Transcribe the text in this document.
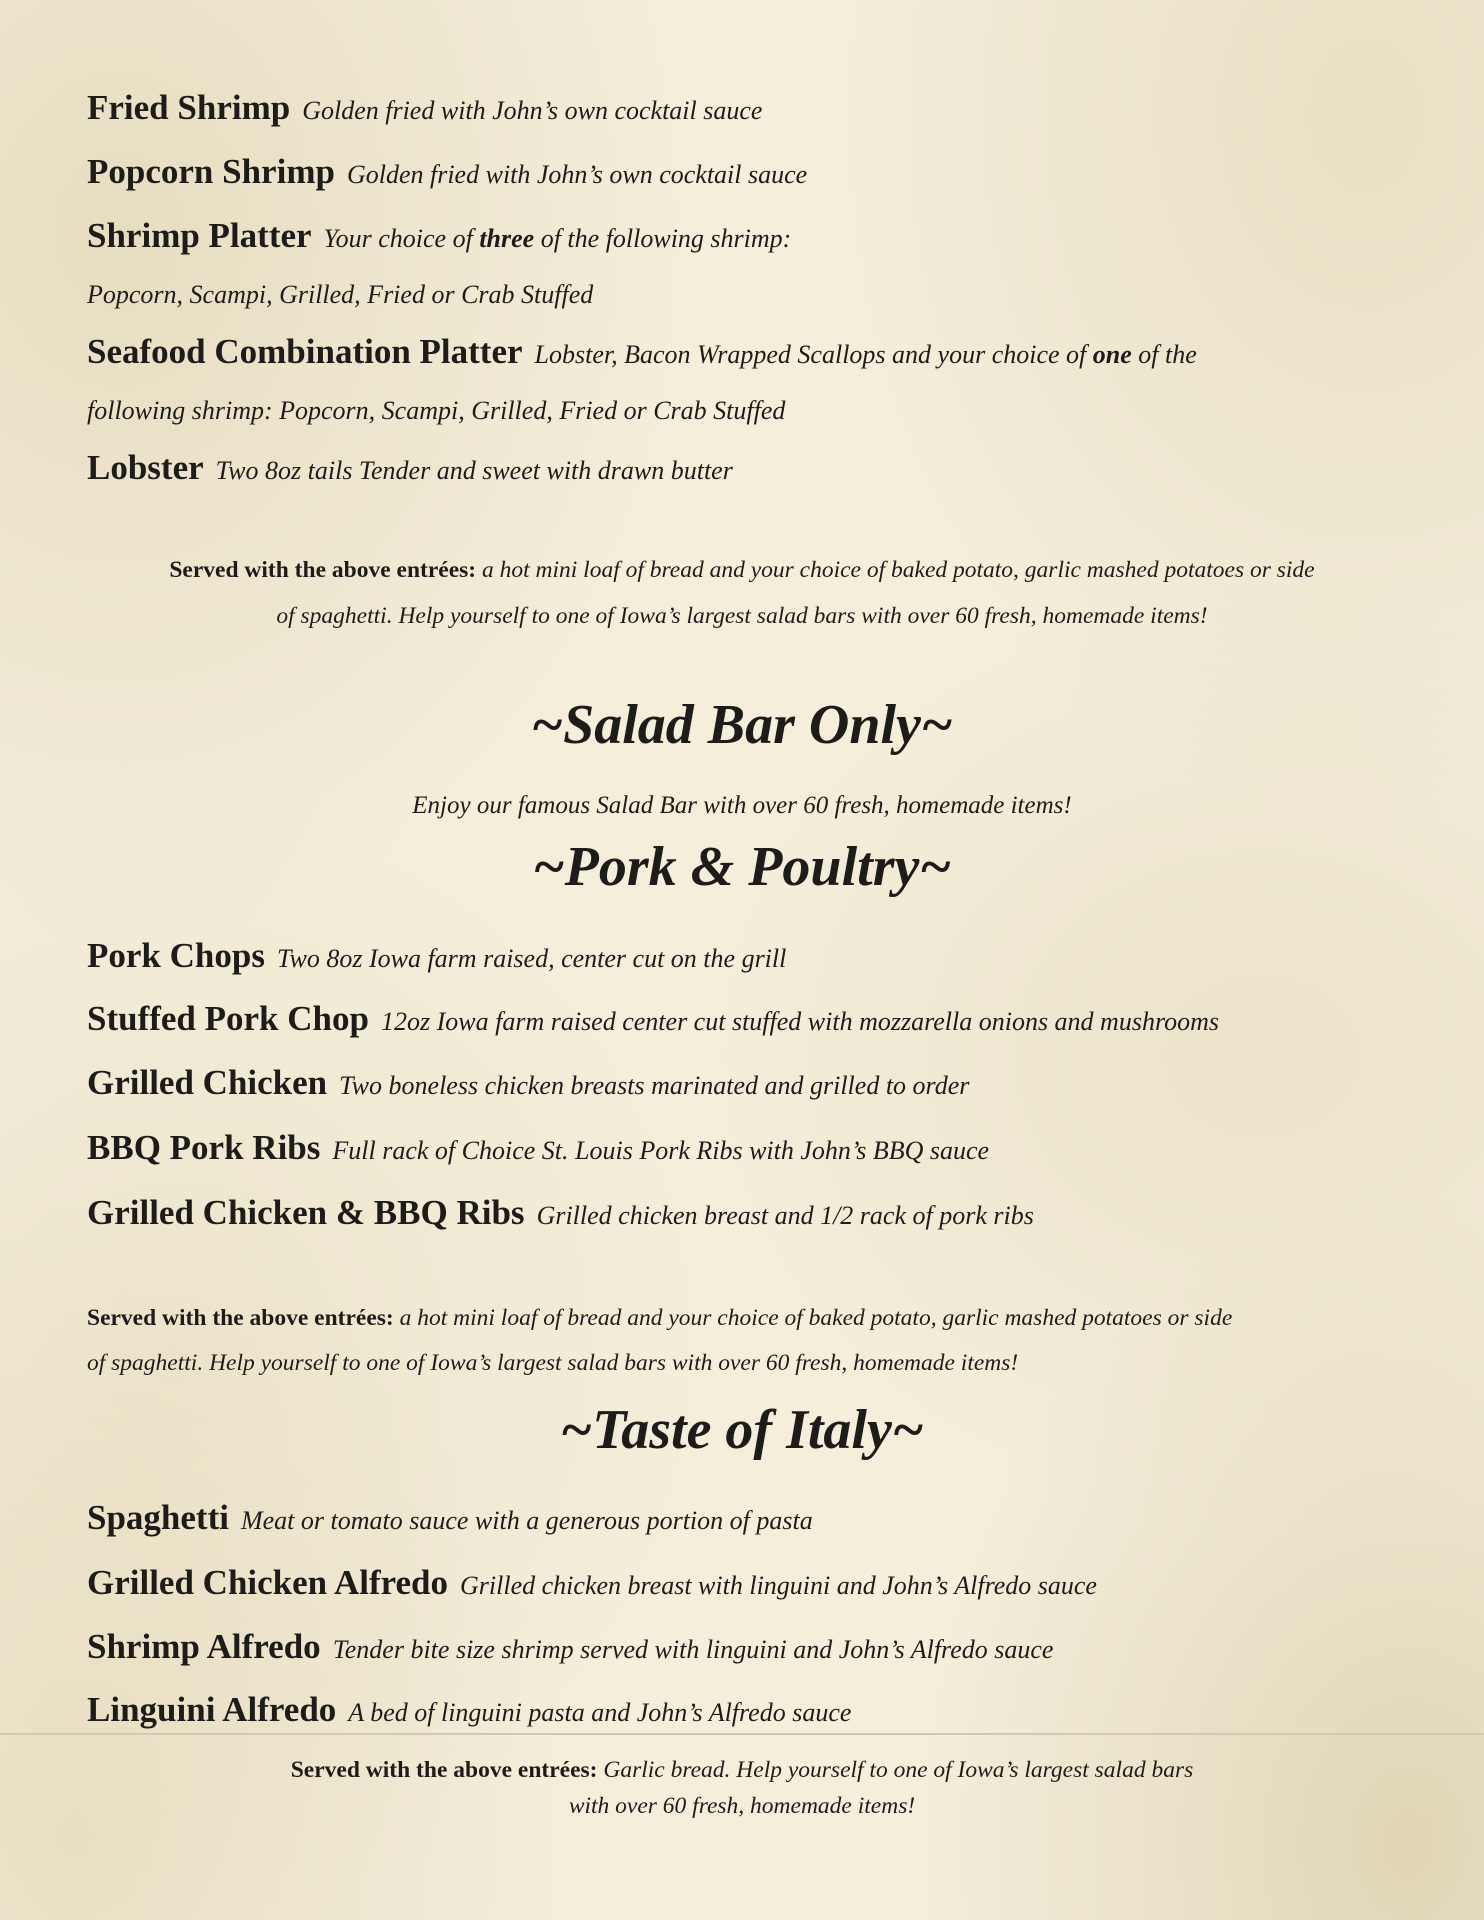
Fried Shrimp Golden fried with John’s own cocktail sauce
Popcorn Shrimp Golden fried with John’s own cocktail sauce
Shrimp Platter Your choice of three of the following shrimp:
Popcorn, Scampi, Grilled, Fried or Crab Stuffed
Seafood Combination Platter Lobster, Bacon Wrapped Scallops and your choice of one of the
following shrimp: Popcorn, Scampi, Grilled, Fried or Crab Stuffed
Lobster Two 8oz tails Tender and sweet with drawn butter
Served with the above entrées: a hot mini loaf of bread and your choice of baked potato, garlic mashed potatoes or side
of spaghetti. Help yourself to one of Iowa’s largest salad bars with over 60 fresh, homemade items!
~Salad Bar Only~
Enjoy our famous Salad Bar with over 60 fresh, homemade items!
~Pork & Poultry~
Pork Chops Two 8oz Iowa farm raised, center cut on the grill
Stuffed Pork Chop 12oz Iowa farm raised center cut stuffed with mozzarella onions and mushrooms
Grilled Chicken Two boneless chicken breasts marinated and grilled to order
BBQ Pork Ribs Full rack of Choice St. Louis Pork Ribs with John’s BBQ sauce
Grilled Chicken & BBQ Ribs Grilled chicken breast and 1/2 rack of pork ribs
Served with the above entrées: a hot mini loaf of bread and your choice of baked potato, garlic mashed potatoes or side
of spaghetti. Help yourself to one of Iowa’s largest salad bars with over 60 fresh, homemade items!
~Taste of Italy~
Spaghetti Meat or tomato sauce with a generous portion of pasta
Grilled Chicken Alfredo Grilled chicken breast with linguini and John’s Alfredo sauce
Shrimp Alfredo Tender bite size shrimp served with linguini and John’s Alfredo sauce
Linguini Alfredo A bed of linguini pasta and John’s Alfredo sauce
Served with the above entrées: Garlic bread. Help yourself to one of Iowa’s largest salad bars
with over 60 fresh, homemade items!
